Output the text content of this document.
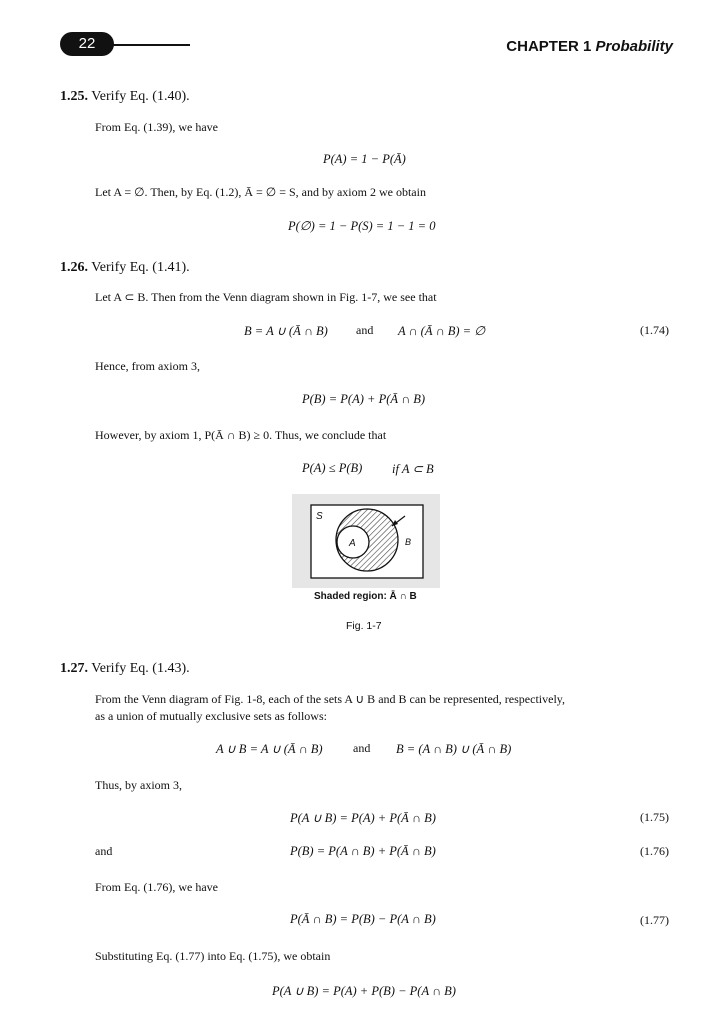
22	CHAPTER 1 Probability
1.25. Verify Eq. (1.40).
From Eq. (1.39), we have
P(A) = 1 − P(Ā)
Let A = ∅. Then, by Eq. (1.2), Ā = ∅ = S, and by axiom 2 we obtain
P(∅) = 1 − P(S) = 1 − 1 = 0
1.26. Verify Eq. (1.41).
Let A ⊂ B. Then from the Venn diagram shown in Fig. 1-7, we see that
B = A ∪ (Ā ∩ B) and A ∩ (Ā ∩ B) = ∅	(1.74)
Hence, from axiom 3,
P(B) = P(A) + P(Ā ∩ B)
However, by axiom 1, P(Ā ∩ B) ≥ 0. Thus, we conclude that
P(A) ≤ P(B) if A ⊂ B
S
A	B
Shaded region: Ā ∩ B
Fig. 1-7
1.27. Verify Eq. (1.43).
From the Venn diagram of Fig. 1-8, each of the sets A ∪ B and B can be represented, respectively,
as a union of mutually exclusive sets as follows:
A ∪ B = A ∪ (Ā ∩ B)	and B = (A ∩ B) ∪ (Ā ∩ B)
Thus, by axiom 3,
P(A ∪ B) = P(A) + P(Ā ∩ B)	(1.75)
and	P(B) = P(A ∩ B) + P(Ā ∩ B)	(1.76)
From Eq. (1.76), we have
P(Ā ∩ B) = P(B) − P(A ∩ B)	(1.77)
Substituting Eq. (1.77) into Eq. (1.75), we obtain
P(A ∪ B) = P(A) + P(B) − P(A ∩ B)
